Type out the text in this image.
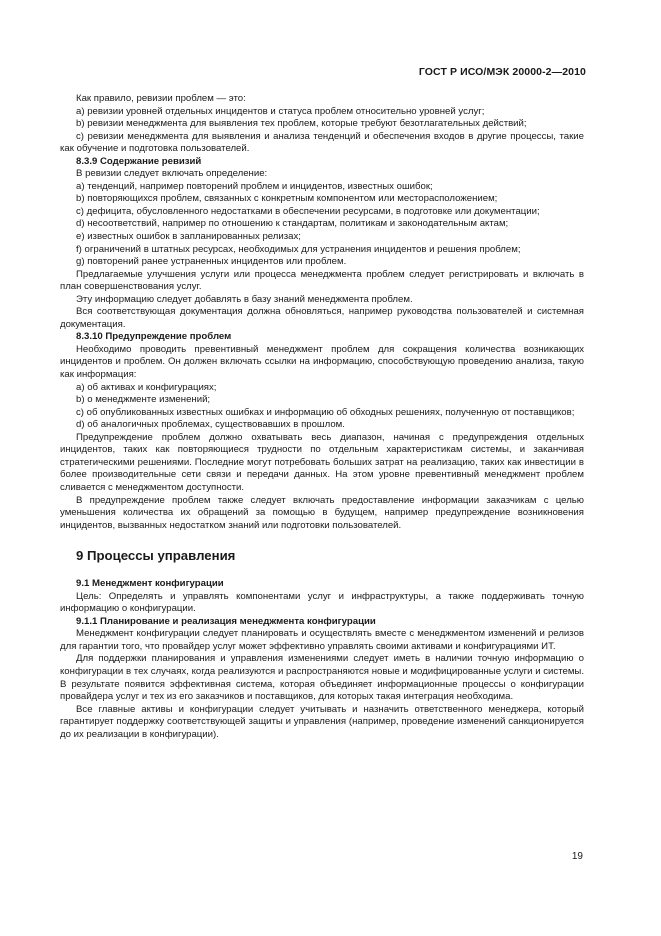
ГОСТ Р ИСО/МЭК 20000-2—2010

Как правило, ревизии проблем — это:

a) ревизии уровней отдельных инцидентов и статуса проблем относительно уровней услуг;

b) ревизии менеджмента для выявления тех проблем, которые требуют безотлагательных действий;

c) ревизии менеджмента для выявления и анализа тенденций и обеспечения входов в другие процессы, такие как обучение и подготовка пользователей.

8.3.9 Содержание ревизий

В ревизии следует включать определение:

a) тенденций, например повторений проблем и инцидентов, известных ошибок;

b) повторяющихся проблем, связанных с конкретным компонентом или месторасположением;

c) дефицита, обусловленного недостатками в обеспечении ресурсами, в подготовке или документации;

d) несоответствий, например по отношению к стандартам, политикам и законодательным актам;

e) известных ошибок в запланированных релизах;

f) ограничений в штатных ресурсах, необходимых для устранения инцидентов и решения проблем;

g) повторений ранее устраненных инцидентов или проблем.

Предлагаемые улучшения услуги или процесса менеджмента проблем следует регистрировать и включать в план совершенствования услуг.

Эту информацию следует добавлять в базу знаний менеджмента проблем.

Вся соответствующая документация должна обновляться, например руководства пользователей и системная документация.

8.3.10 Предупреждение проблем

Необходимо проводить превентивный менеджмент проблем для сокращения количества возникающих инцидентов и проблем. Он должен включать ссылки на информацию, способствующую проведению анализа, такую как информация:

a) об активах и конфигурациях;

b) о менеджменте изменений;

c) об опубликованных известных ошибках и информацию об обходных решениях, полученную от поставщиков;

d) об аналогичных проблемах, существовавших в прошлом.

Предупреждение проблем должно охватывать весь диапазон, начиная с предупреждения отдельных инцидентов, таких как повторяющиеся трудности по отдельным характеристикам системы, и заканчивая стратегическими решениями. Последние могут потребовать больших затрат на реализацию, таких как инвестиции в более производительные сети связи и передачи данных. На этом уровне превентивный менеджмент проблем сливается с менеджментом доступности.

В предупреждение проблем также следует включать предоставление информации заказчикам с целью уменьшения количества их обращений за помощью в будущем, например предупреждение возникновения инцидентов, вызванных недостатком знаний или подготовки пользователей.

9 Процессы управления

9.1 Менеджмент конфигурации

Цель: Определять и управлять компонентами услуг и инфраструктуры, а также поддерживать точную информацию о конфигурации.

9.1.1 Планирование и реализация менеджмента конфигурации

Менеджмент конфигурации следует планировать и осуществлять вместе с менеджментом изменений и релизов для гарантии того, что провайдер услуг может эффективно управлять своими активами и конфигурациями ИТ.

Для поддержки планирования и управления изменениями следует иметь в наличии точную информацию о конфигурации в тех случаях, когда реализуются и распространяются новые и модифицированные услуги и системы. В результате появится эффективная система, которая объединяет информационные процессы о конфигурации провайдера услуг и тех из его заказчиков и поставщиков, для которых такая интеграция необходима.

Все главные активы и конфигурации следует учитывать и назначить ответственного менеджера, который гарантирует поддержку соответствующей защиты и управления (например, проведение изменений санкционируется до их реализации в конфигурации).

19
